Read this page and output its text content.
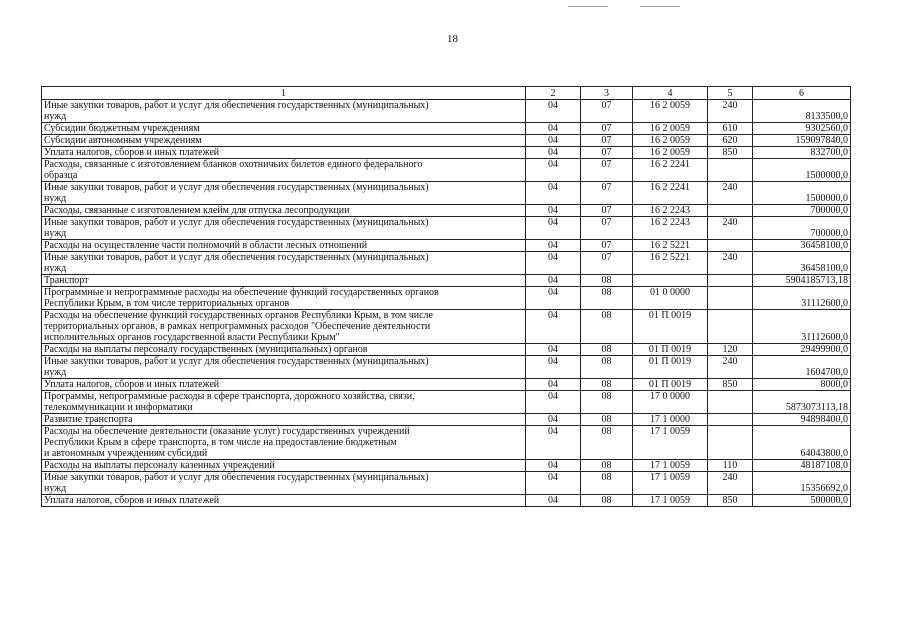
18
1	2	3	4	5	6
Иные закупки товаров, работ и услуг для обеспечения государственных (муниципальных)
нужд	04	07	16 2 0059	240	8133500,0
Субсидии бюджетным учреждениям	04	07	16 2 0059	610	9302560,0
Субсидии автономным учреждениям	04	07	16 2 0059	620	159097840,0
Уплата налогов, сборов и иных платежей	04	07	16 2 0059	850	832700,0
Расходы, связанные с изготовлением бланков охотничьих билетов единого федерального
образца	04	07	16 2 2241		1500000,0
Иные закупки товаров, работ и услуг для обеспечения государственных (муниципальных)
нужд	04	07	16 2 2241	240	1500000,0
Расходы, связанные с изготовлением клейм для отпуска лесопродукции	04	07	16 2 2243		700000,0
Иные закупки товаров, работ и услуг для обеспечения государственных (муниципальных)
нужд	04	07	16 2 2243	240	700000,0
Расходы на осуществление части полномочий в области лесных отношений	04	07	16 2 5221		36458100,0
Иные закупки товаров, работ и услуг для обеспечения государственных (муниципальных)
нужд	04	07	16 2 5221	240	36458100,0
Транспорт	04	08			5904185713,18
Программные и непрограммные расходы на обеспечение функций государственных органов
Республики Крым, в том числе территориальных органов	04	08	01 0 0000		31112600,0
Расходы на обеспечение функций государственных органов Республики Крым, в том числе
территориальных органов, в рамках непрограммных расходов "Обеспечение деятельности
исполнительных органов государственной власти Республики Крым"	04	08	01 П 0019		31112600,0
Расходы на выплаты персоналу государственных (муниципальных) органов	04	08	01 П 0019	120	29499900,0
Иные закупки товаров, работ и услуг для обеспечения государственных (муниципальных)
нужд	04	08	01 П 0019	240	1604700,0
Уплата налогов, сборов и иных платежей	04	08	01 П 0019	850	8000,0
Программы, непрограммные расходы в сфере транспорта, дорожного хозяйства, связи,
телекоммуникации и информатики	04	08	17 0 0000		5873073113,18
Развитие транспорта	04	08	17 1 0000		94898400,0
Расходы на обеспечение деятельности (оказание услуг) государственных учреждений
Республики Крым в сфере транспорта, в том числе на предоставление бюджетным
и автономным учреждениям субсидий	04	08	17 1 0059		64043800,0
Расходы на выплаты персоналу казенных учреждений	04	08	17 1 0059	110	48187108,0
Иные закупки товаров, работ и услуг для обеспечения государственных (муниципальных)
нужд	04	08	17 1 0059	240	15356692,0
Уплата налогов, сборов и иных платежей	04	08	17 1 0059	850	500000,0
